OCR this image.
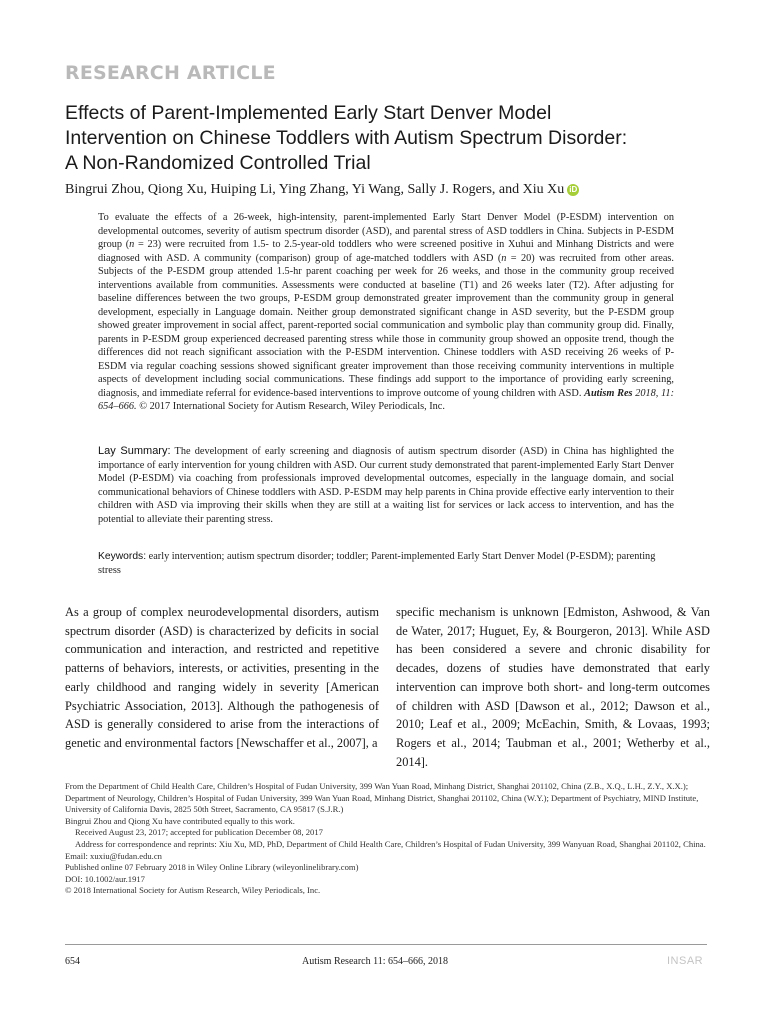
RESEARCH ARTICLE
Effects of Parent-Implemented Early Start Denver Model
Intervention on Chinese Toddlers with Autism Spectrum Disorder:
A Non-Randomized Controlled Trial
Bingrui Zhou, Qiong Xu, Huiping Li, Ying Zhang, Yi Wang, Sally J. Rogers, and Xiu Xu iD

To evaluate the effects of a 26-week, high-intensity, parent-implemented Early Start Denver Model (P-ESDM) intervention on developmental outcomes, severity of autism spectrum disorder (ASD), and parental stress of ASD toddlers in China. Subjects in P-ESDM group (n = 23) were recruited from 1.5- to 2.5-year-old toddlers who were screened positive in Xuhui and Minhang Districts and were diagnosed with ASD. A community (comparison) group of age-matched toddlers with ASD (n = 20) was recruited from other areas. Subjects of the P-ESDM group attended 1.5-hr parent coaching per week for 26 weeks, and those in the community group received interventions available from communities. Assessments were conducted at baseline (T1) and 26 weeks later (T2). After adjusting for baseline differences between the two groups, P-ESDM group demonstrated greater improvement than the community group in general development, especially in Language domain. Neither group demonstrated significant change in ASD severity, but the P-ESDM group showed greater improvement in social affect, parent-reported social communication and symbolic play than community group did. Finally, parents in P-ESDM group experienced decreased parenting stress while those in community group showed an opposite trend, though the differences did not reach significant association with the P-ESDM intervention. Chinese toddlers with ASD receiving 26 weeks of P-ESDM via regular coaching sessions showed significant greater improvement than those receiving community interventions in multiple aspects of development including social communications. These findings add support to the importance of providing early screening, diagnosis, and immediate referral for evidence-based interventions to improve outcome of young children with ASD. Autism Res 2018, 11: 654–666. © 2017 International Society for Autism Research, Wiley Periodicals, Inc.

Lay Summary: The development of early screening and diagnosis of autism spectrum disorder (ASD) in China has highlighted the importance of early intervention for young children with ASD. Our current study demonstrated that parent-implemented Early Start Denver Model (P-ESDM) via coaching from professionals improved developmental outcomes, especially in the language domain, and social communicational behaviors of Chinese toddlers with ASD. P-ESDM may help parents in China provide effective early intervention to their children with ASD via improving their skills when they are still at a waiting list for services or lack access to intervention, and has the potential to alleviate their parenting stress.

Keywords: early intervention; autism spectrum disorder; toddler; Parent-implemented Early Start Denver Model (P-ESDM); parenting stress

As a group of complex neurodevelopmental disorders, autism spectrum disorder (ASD) is characterized by deficits in social communication and interaction, and restricted and repetitive patterns of behaviors, interests, or activities, presenting in the early childhood and ranging widely in severity [American Psychiatric Association, 2013]. Although the pathogenesis of ASD is generally considered to arise from the interactions of genetic and environmental factors [Newschaffer et al., 2007], a

specific mechanism is unknown [Edmiston, Ashwood, & Van de Water, 2017; Huguet, Ey, & Bourgeron, 2013]. While ASD has been considered a severe and chronic disability for decades, dozens of studies have demonstrated that early intervention can improve both short- and long-term outcomes of children with ASD [Dawson et al., 2012; Dawson et al., 2010; Leaf et al., 2009; McEachin, Smith, & Lovaas, 1993; Rogers et al., 2014; Taubman et al., 2001; Wetherby et al., 2014].

From the Department of Child Health Care, Children’s Hospital of Fudan University, 399 Wan Yuan Road, Minhang District, Shanghai 201102, China (Z.B., X.Q., L.H., Z.Y., X.X.); Department of Neurology, Children’s Hospital of Fudan University, 399 Wan Yuan Road, Minhang District, Shanghai 201102, China (W.Y.); Department of Psychiatry, MIND Institute, University of California Davis, 2825 50th Street, Sacramento, CA 95817 (S.J.R.)

Bingrui Zhou and Qiong Xu have contributed equally to this work.

Received August 23, 2017; accepted for publication December 08, 2017

Address for correspondence and reprints: Xiu Xu, MD, PhD, Department of Child Health Care, Children’s Hospital of Fudan University, 399 Wanyuan Road, Shanghai 201102, China. Email: xuxiu@fudan.edu.cn

Published online 07 February 2018 in Wiley Online Library (wileyonlinelibrary.com)

DOI: 10.1002/aur.1917

© 2018 International Society for Autism Research, Wiley Periodicals, Inc.

654	Autism Research 11: 654–666, 2018	INSAR
